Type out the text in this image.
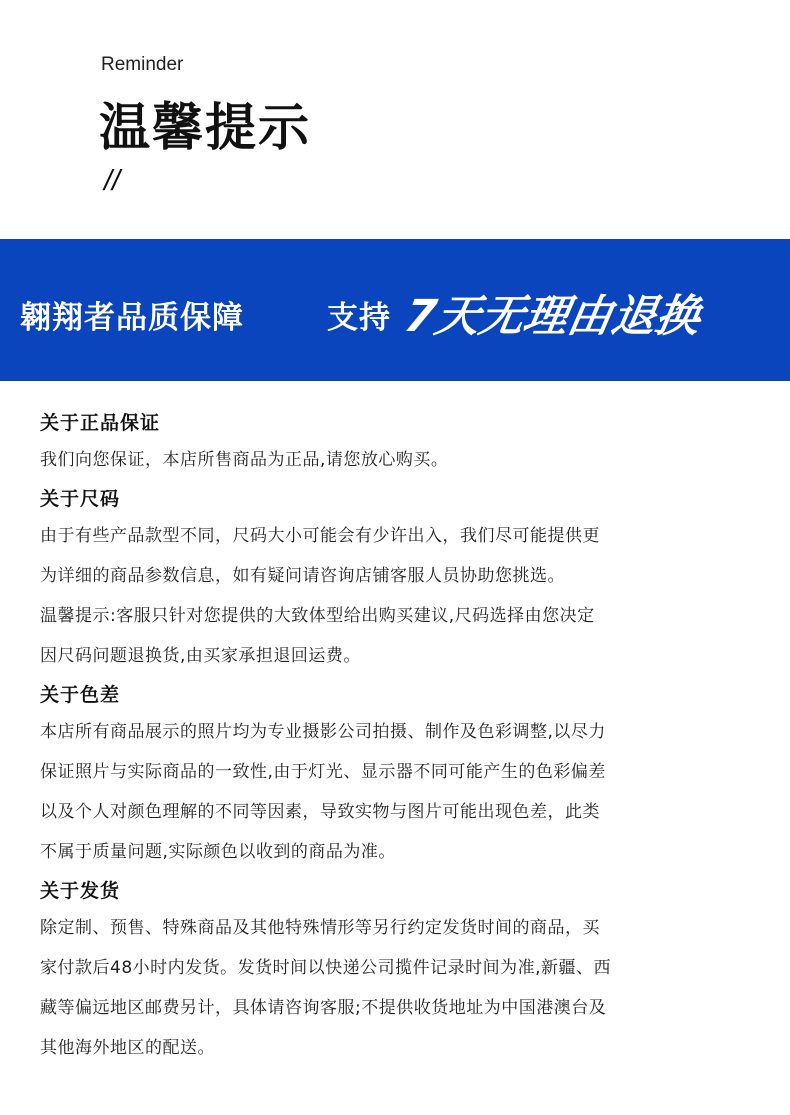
Reminder
温馨提示
//
翱翔者品质保障	支持 7天无理由退换
关于正品保证

我们向您保证，本店所售商品为正品,请您放心购买。

关于尺码

由于有些产品款型不同，尺码大小可能会有少许出入，我们尽可能提供更

为详细的商品参数信息，如有疑问请咨询店铺客服人员协助您挑选。

温馨提示:客服只针对您提供的大致体型给出购买建议,尺码选择由您决定

因尺码问题退换货,由买家承担退回运费。

关于色差

本店所有商品展示的照片均为专业摄影公司拍摄、制作及色彩调整,以尽力

保证照片与实际商品的一致性,由于灯光、显示器不同可能产生的色彩偏差

以及个人对颜色理解的不同等因素，导致实物与图片可能出现色差，此类

不属于质量问题,实际颜色以收到的商品为准。

关于发货

除定制、预售、特殊商品及其他特殊情形等另行约定发货时间的商品，买

家付款后48小时内发货。发货时间以快递公司揽件记录时间为准,新疆、西

藏等偏远地区邮费另计，具体请咨询客服;不提供收货地址为中国港澳台及

其他海外地区的配送。
